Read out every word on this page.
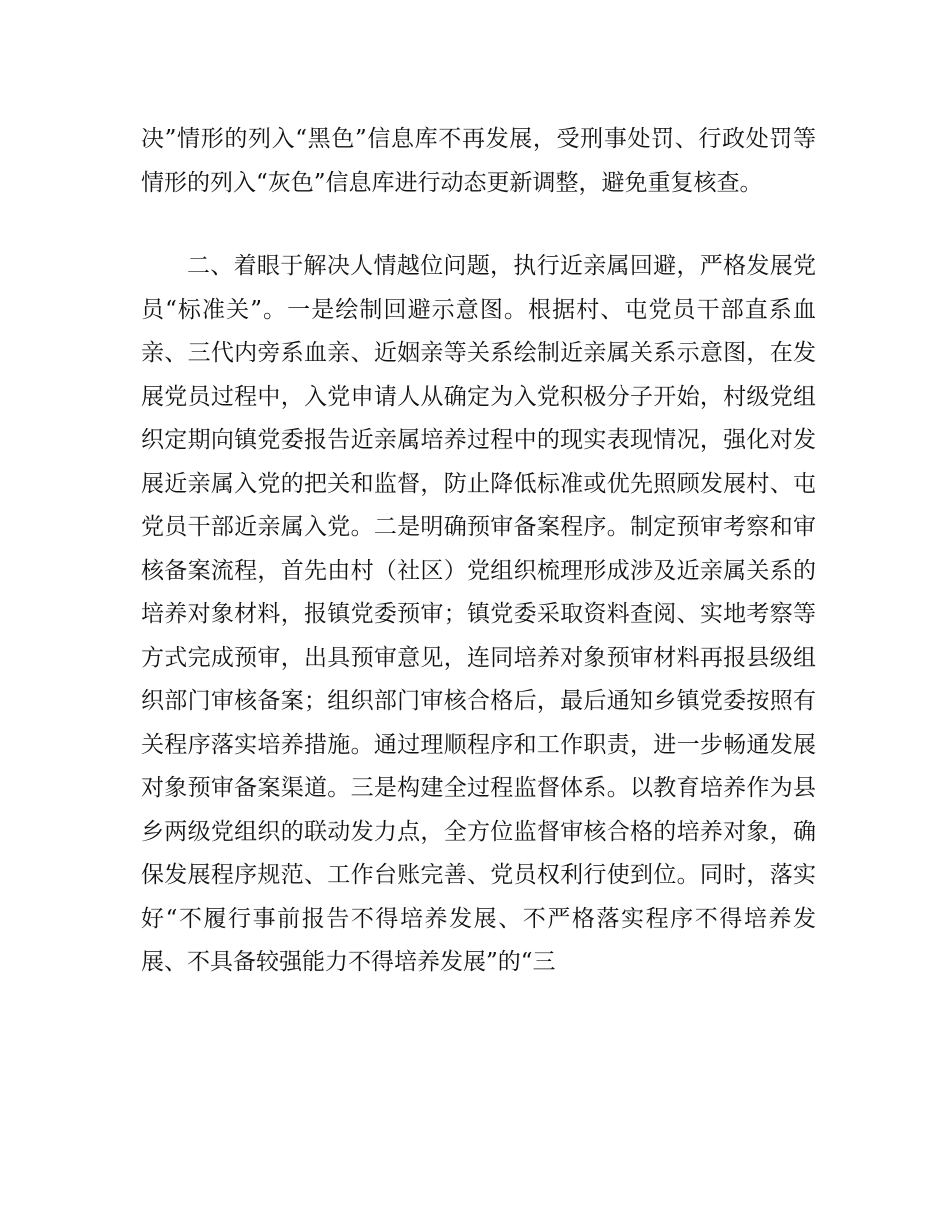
决”情形的列入“黑色”信息库不再发展，受刑事处罚、行政处罚等情形的列入“灰色”信息库进行动态更新调整，避免重复核查。
二、着眼于解决人情越位问题，执行近亲属回避，严格发展党员“标准关”。一是绘制回避示意图。根据村、屯党员干部直系血亲、三代内旁系血亲、近姻亲等关系绘制近亲属关系示意图，在发展党员过程中，入党申请人从确定为入党积极分子开始，村级党组织定期向镇党委报告近亲属培养过程中的现实表现情况，强化对发展近亲属入党的把关和监督，防止降低标准或优先照顾发展村、屯党员干部近亲属入党。二是明确预审备案程序。制定预审考察和审核备案流程，首先由村（社区）党组织梳理形成涉及近亲属关系的培养对象材料，报镇党委预审；镇党委采取资料查阅、实地考察等方式完成预审，出具预审意见，连同培养对象预审材料再报县级组织部门审核备案；组织部门审核合格后，最后通知乡镇党委按照有关程序落实培养措施。通过理顺程序和工作职责，进一步畅通发展对象预审备案渠道。三是构建全过程监督体系。以教育培养作为县乡两级党组织的联动发力点，全方位监督审核合格的培养对象，确保发展程序规范、工作台账完善、党员权利行使到位。同时，落实好“不履行事前报告不得培养发展、不严格落实程序不得培养发展、不具备较强能力不得培养发展”的“三
